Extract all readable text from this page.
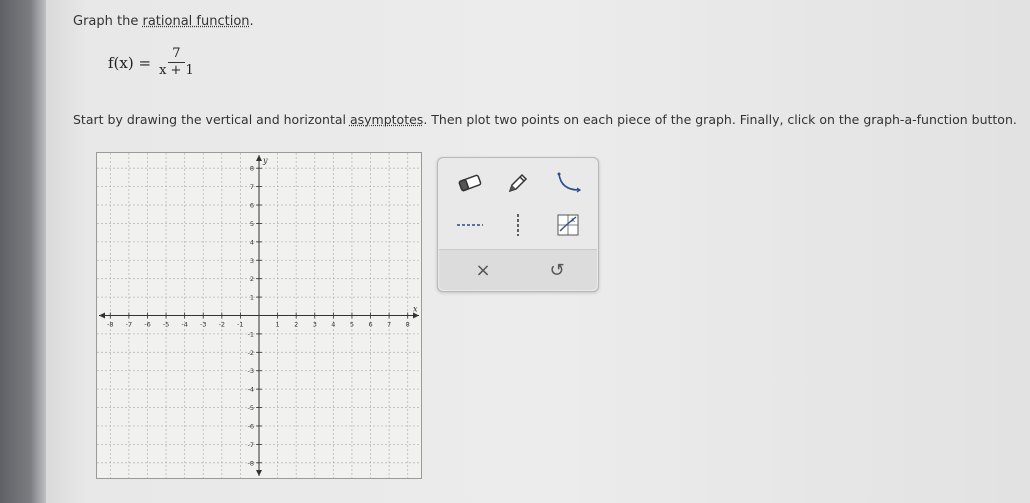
Graph the rational function.
$f(x) = \frac{7}{x + 1}$
Start by drawing the vertical and horizontal asymptotes. Then plot two points on each piece of the graph. Finally, click on the graph-a-function button.
-8 -7 -6 -5 -4 -3 -2 -1	1 2 3 4 5 6 7 8
8
7
6
5
4
3
2
1
-1
-2
-3
-4
-5
-6
-7
-8
x
y
x
×	↺
